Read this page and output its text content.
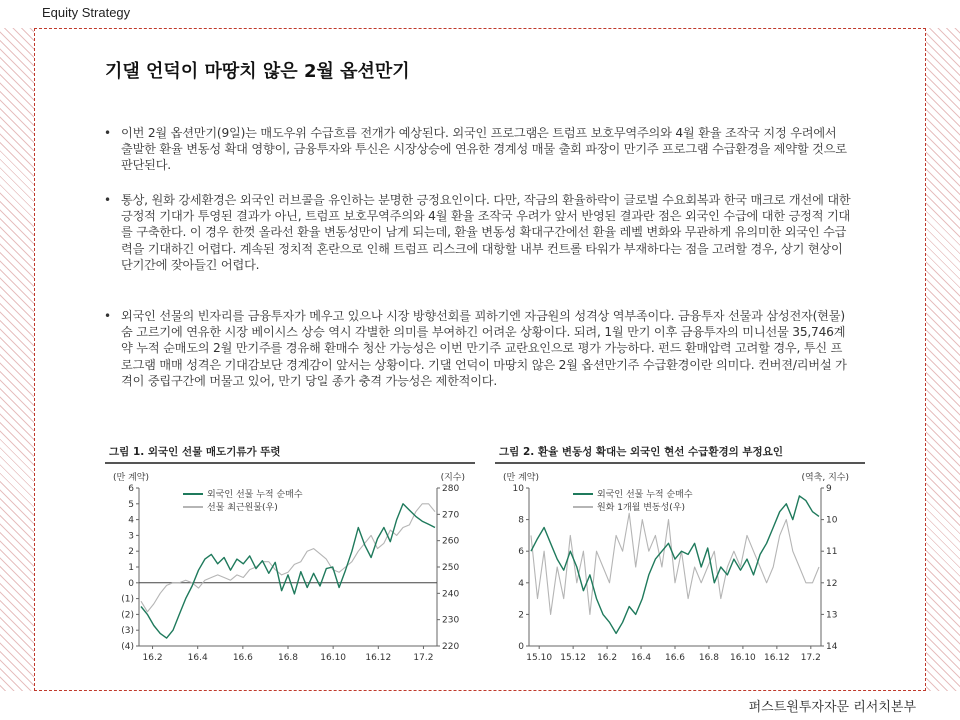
Equity Strategy
기댈 언덕이 마땅치 않은 2월 옵션만기
• 이번 2월 옵션만기(9일)는 매도우위 수급흐름 전개가 예상된다. 외국인 프로그램은 트럼프 보호무역주의와 4월 환율 조작국 지정 우려에서 출발한 환율 변동성 확대 영향이, 금융투자와 투신은 시장상승에 연유한 경계성 매물 출회 파장이 만기주 프로그램 수급환경을 제약할 것으로 판단된다.
• 통상, 원화 강세환경은 외국인 러브콜을 유인하는 분명한 긍정요인이다. 다만, 작금의 환율하락이 글로벌 수요회복과 한국 매크로 개선에 대한 긍정적 기대가 투영된 결과가 아닌, 트럼프 보호무역주의와 4월 환율 조작국 우려가 앞서 반영된 결과란 점은 외국인 수급에 대한 긍정적 기대를 구축한다. 이 경우 한껏 올라선 환율 변동성만이 남게 되는데, 환율 변동성 확대구간에선 환율 레벨 변화와 무관하게 유의미한 외국인 수급력을 기대하긴 어렵다. 계속된 정치적 혼란으로 인해 트럼프 리스크에 대항할 내부 컨트롤 타워가 부재하다는 점을 고려할 경우, 상기 현상이 단기간에 잦아들긴 어렵다.
• 외국인 선물의 빈자리를 금융투자가 메우고 있으나 시장 방향선회를 꾀하기엔 자금원의 성격상 역부족이다. 금융투자 선물과 삼성전자(현물) 숨 고르기에 연유한 시장 베이시스 상승 역시 각별한 의미를 부여하긴 어려운 상황이다. 되려, 1월 만기 이후 금융투자의 미니선물 35,746계약 누적 순매도의 2월 만기주를 경유해 환매수 청산 가능성은 이번 만기주 교란요인으로 평가 가능하다. 펀드 환매압력 고려할 경우, 투신 프로그램 매매 성격은 기대감보단 경계감이 앞서는 상황이다. 기댈 언덕이 마땅치 않은 2월 옵션만기주 수급환경이란 의미다. 컨버젼/리버설 가격이 중립구간에 머물고 있어, 만기 당일 종가 충격 가능성은 제한적이다.
그림 1. 외국인 선물 매도기류가 뚜렷
(만 계약)	(지수)
6
5
4
3
2
1
0
(1)
(2)
(3)
(4)
280
270
260
250
240
230
220
16.2	16.4	16.6	16.8 16.10 16.12 17.2
외국인 선물 누적 순매수
선물 최근원물(우)
그림 2. 환율 변동성 확대는 외국인 현선 수급환경의 부정요인
(만 계약)	(역축, 지수)
10
8
6
4
2
0
9
10
11
12
13
14
15.10 15.12 16.2 16.4 16.6 16.8 16.10 16.12 17.2
외국인 선물 누적 순매수
원화 1개월 변동성(우)
퍼스트원투자자문 리서치본부
